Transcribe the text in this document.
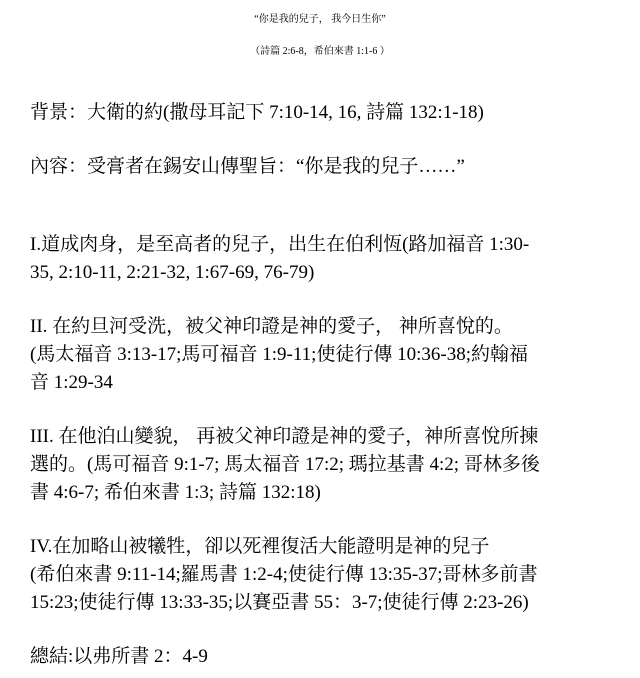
“你是我的兒子， 我今日生你”
（詩篇 2:6-8，希伯來書 1:1-6 ）
背景：大衛的約(撒母耳記下 7:10-14, 16, 詩篇 132:1-18)
內容：受膏者在錫安山傳聖旨：“你是我的兒子……”
I.道成肉身，是至高者的兒子，出生在伯利恆(路加福音 1:30-
35, 2:10-11, 2:21-32, 1:67-69, 76-79)
II. 在約旦河受洗，被父神印證是神的愛子， 神所喜悅的。
(馬太福音 3:13-17;馬可福音 1:9-11;使徒行傳 10:36-38;約翰福
音 1:29-34
III. 在他泊山變貌， 再被父神印證是神的愛子，神所喜悅所揀
選的。(馬可福音 9:1-7; 馬太福音 17:2; 瑪拉基書 4:2; 哥林多後
書 4:6-7; 希伯來書 1:3; 詩篇 132:18)
IV.在加略山被犧牲，卻以死裡復活大能證明是神的兒子
(希伯來書 9:11-14;羅馬書 1:2-4;使徒行傳 13:35-37;哥林多前書
15:23;使徒行傳 13:33-35;以賽亞書 55：3-7;使徒行傳 2:23-26)
總結:以弗所書 2：4-9
